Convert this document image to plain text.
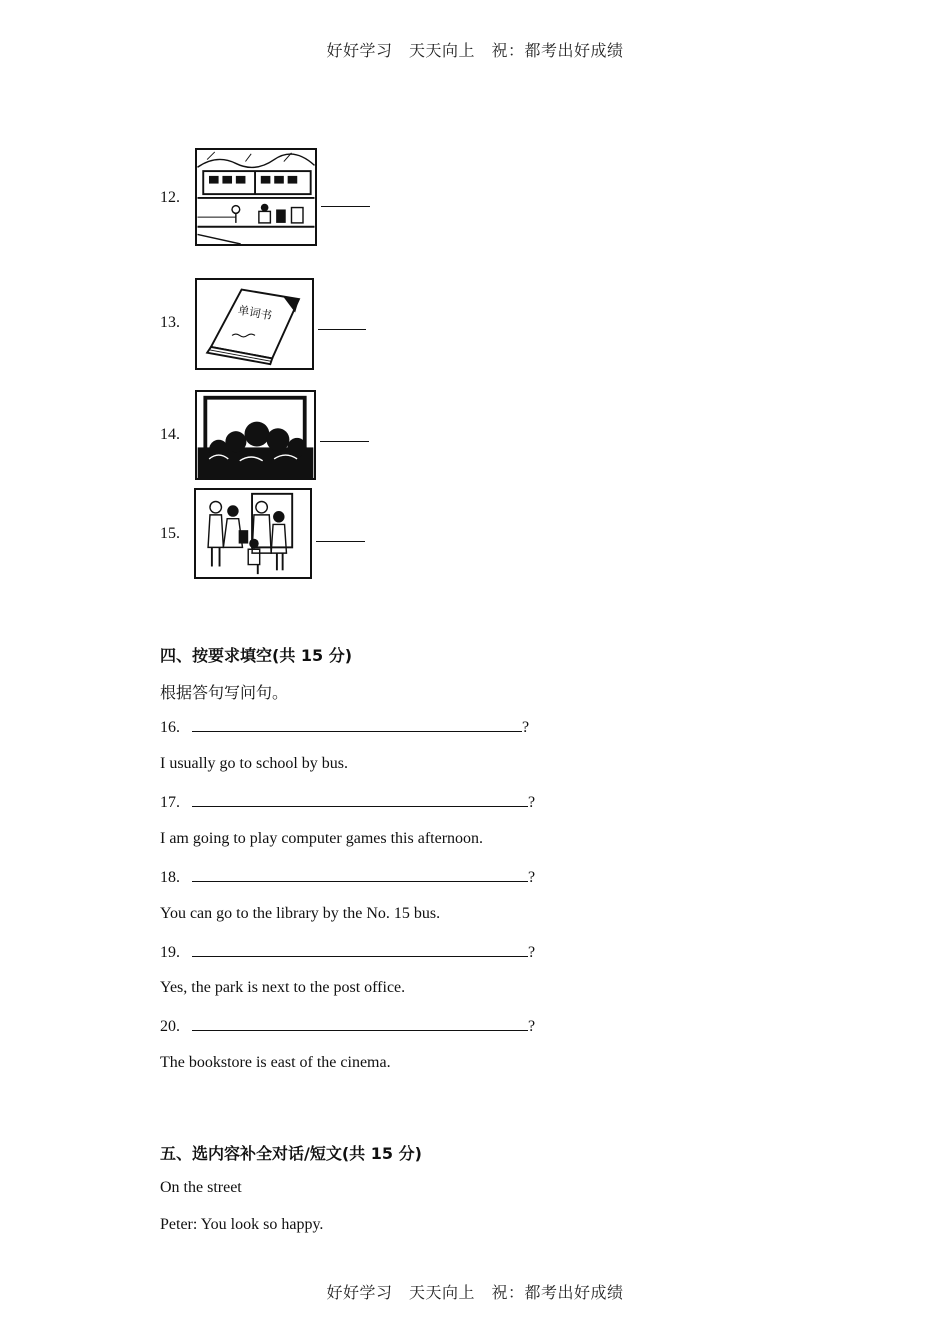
好好学习　天天向上　祝：都考出好成绩
12.
13.	单词书
14.
15.
四、按要求填空(共 15 分)
根据答句写问句。
16.	?
I usually go to school by bus.
17.	?
I am going to play computer games this afternoon.
18.	?
You can go to the library by the No. 15 bus.
19.	?
Yes, the park is next to the post office.
20.	?
The bookstore is east of the cinema.
五、选内容补全对话/短文(共 15 分)
On the street
Peter: You look so happy.
好好学习　天天向上　祝：都考出好成绩
